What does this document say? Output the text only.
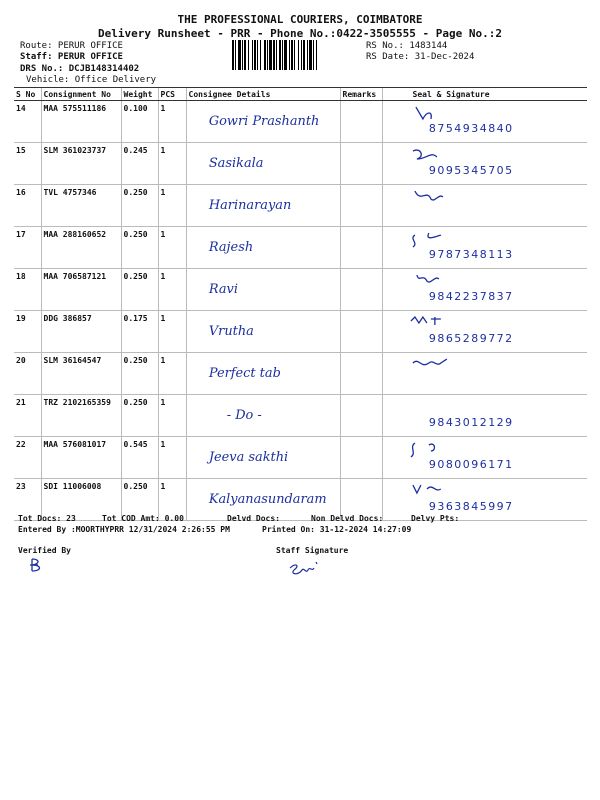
THE PROFESSIONAL COURIERS, COIMBATORE
Delivery Runsheet - PRR - Phone No.:0422-3505555 - Page No.:2
Route: PERUR OFFICE
Staff: PERUR OFFICE
DRS No.: DCJB148314402
Vehicle: Office Delivery
RS No.: 1483144
RS Date: 31-Dec-2024
S No	Consignment No	Weight	PCS	Consignee Details	Remarks	Seal & Signature
14	MAA 575511186	0.100	1	Gowri Prashanth		8754934840

15	SLM 361023737	0.245	1	Sasikala		9095345705

16	TVL 4757346	0.250	1	Harinarayan

17	MAA 288160652	0.250	1	Rajesh		9787348113

18	MAA 706587121	0.250	1	Ravi		9842237837

19	DDG 386857	0.175	1	Vrutha		9865289772

20	SLM 36164547	0.250	1	Perfect tab

21	TRZ 2102165359	0.250	1	- Do -		9843012129

22	MAA 576081017	0.545	1	Jeeva sakthi		9080096171

23	SDI 11006008	0.250	1	Kalyanasundaram		9363845997
Tot Docs: 23	Tot COD Amt: 0.00	Delvd Docs:	Non Delvd Docs:	Delvy Pts:
Entered By :MOORTHYPRR 12/31/2024 2:26:55 PM	Printed On: 31-12-2024 14:27:09
Verified By	Staff Signature
